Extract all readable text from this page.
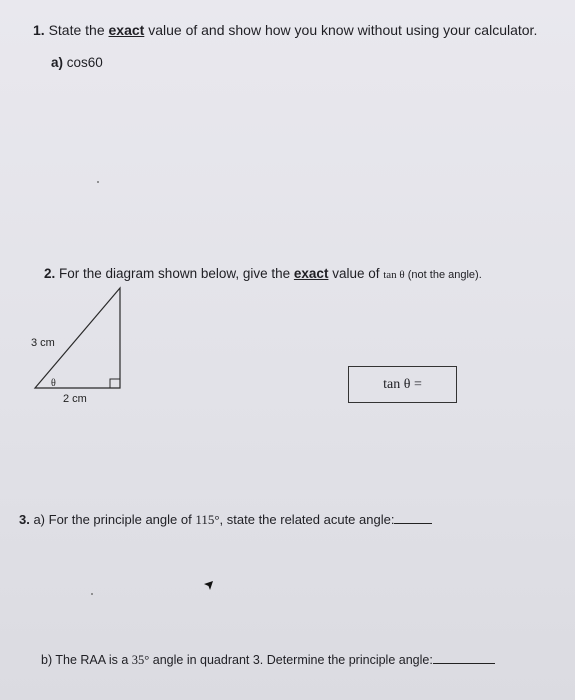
1. State the exact value of and show how you know without using your calculator.
a) cos60
2. For the diagram shown below, give the exact value of tan θ (not the angle).
3 cm
θ
2 cm
tan θ =
3. a) For the principle angle of 115°, state the related acute angle:
b) The RAA is a 35° angle in quadrant 3. Determine the principle angle:
